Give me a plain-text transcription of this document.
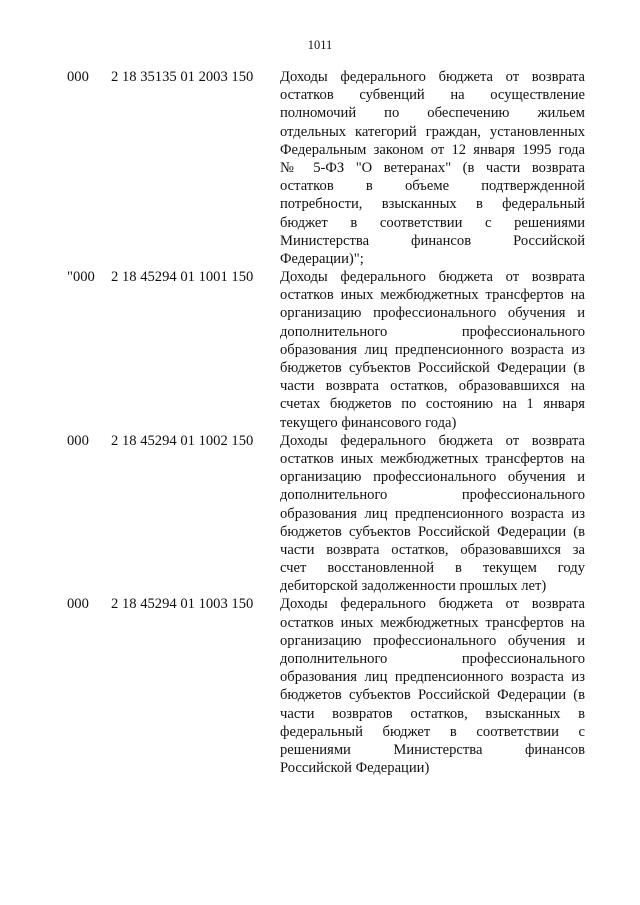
1011
000 2 18 35135 01 2003 150 Доходы федерального бюджета от возврата
остатков субвенций на осуществление
полномочий по обеспечению жильем
отдельных категорий граждан, установленных
Федеральным законом от 12 января 1995 года
№ 5-ФЗ "О ветеранах" (в части возврата
остатков в объеме подтвержденной
потребности, взысканных в федеральный
бюджет в соответствии с решениями
Министерства финансов Российской
Федерации)";
"000 2 18 45294 01 1001 150 Доходы федерального бюджета от возврата
остатков иных межбюджетных трансфертов на
организацию профессионального обучения и
дополнительного профессионального
образования лиц предпенсионного возраста из
бюджетов субъектов Российской Федерации (в
части возврата остатков, образовавшихся на
счетах бюджетов по состоянию на 1 января
текущего финансового года)
000 2 18 45294 01 1002 150 Доходы федерального бюджета от возврата
остатков иных межбюджетных трансфертов на
организацию профессионального обучения и
дополнительного профессионального
образования лиц предпенсионного возраста из
бюджетов субъектов Российской Федерации (в
части возврата остатков, образовавшихся за
счет восстановленной в текущем году
дебиторской задолженности прошлых лет)
000 2 18 45294 01 1003 150 Доходы федерального бюджета от возврата
остатков иных межбюджетных трансфертов на
организацию профессионального обучения и
дополнительного профессионального
образования лиц предпенсионного возраста из
бюджетов субъектов Российской Федерации (в
части возвратов остатков, взысканных в
федеральный бюджет в соответствии с
решениями Министерства финансов
Российской Федерации)
